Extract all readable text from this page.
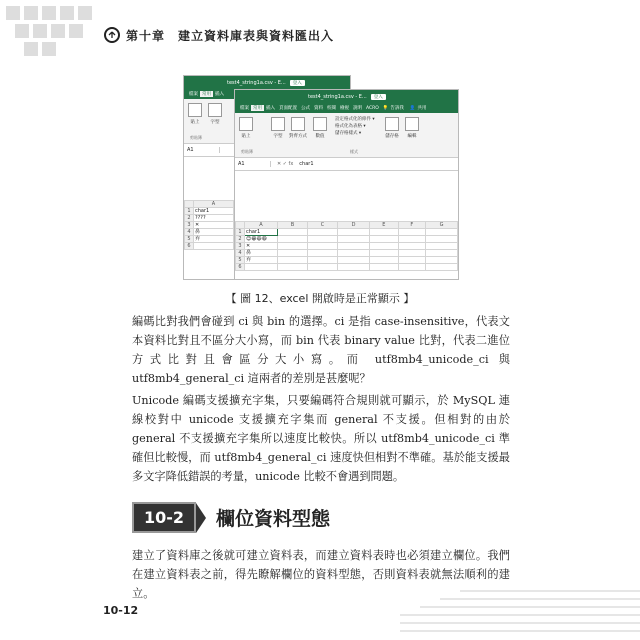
第十章　建立資料庫表與資料匯出入
test4_string1a.csv - E...	登入
檔案 常用 插入
貼上 字型
剪貼簿
A1
	A
1	char1
2	????
3	✕
4	鼻
5	弃
6	
test4_string1a.csv - E...	登入
檔案 常用 插入 頁面配置 公式 資料 校閱 檢視 說明 ACRO 💡 告訴我	👤 共用
貼上	字型 對齊方式 數值
設定格式化的條件 ▾
格式化為表格 ▾
儲存格樣式 ▾
儲存格 編輯
剪貼簿	樣式
A1	✕ ✓ fx	char1
	A	B	C	D	E	F	G
1	char1						
2	😊😁😃😆						
3	✕						
4	鼻						
5	弃						
6							
【 圖 12、excel 開啟時是正常顯示 】

編碼比對我們會碰到 ci 與 bin 的選擇。ci 是指 case-insensitive，代表文本資料比對且不區分大小寫，而 bin 代表 binary value 比對，代表二進位方式比對且會區分大小寫。而 utf8mb4_unicode_ci 與 utf8mb4_general_ci 這兩者的差別是甚麼呢？

Unicode 編碼支援擴充字集，只要編碼符合規則就可顯示，於 MySQL 連線校對中 unicode 支援擴充字集而 general 不支援。但相對的由於 general 不支援擴充字集所以速度比較快。所以 utf8mb4_unicode_ci 準確但比較慢，而 utf8mb4_general_ci 速度快但相對不準確。基於能支援最多文字降低錯誤的考量，unicode 比較不會遇到問題。

10-2	欄位資料型態

建立了資料庫之後就可建立資料表，而建立資料表時也必須建立欄位。我們在建立資料表之前，得先瞭解欄位的資料型態，否則資料表就無法順利的建立。

10-12
